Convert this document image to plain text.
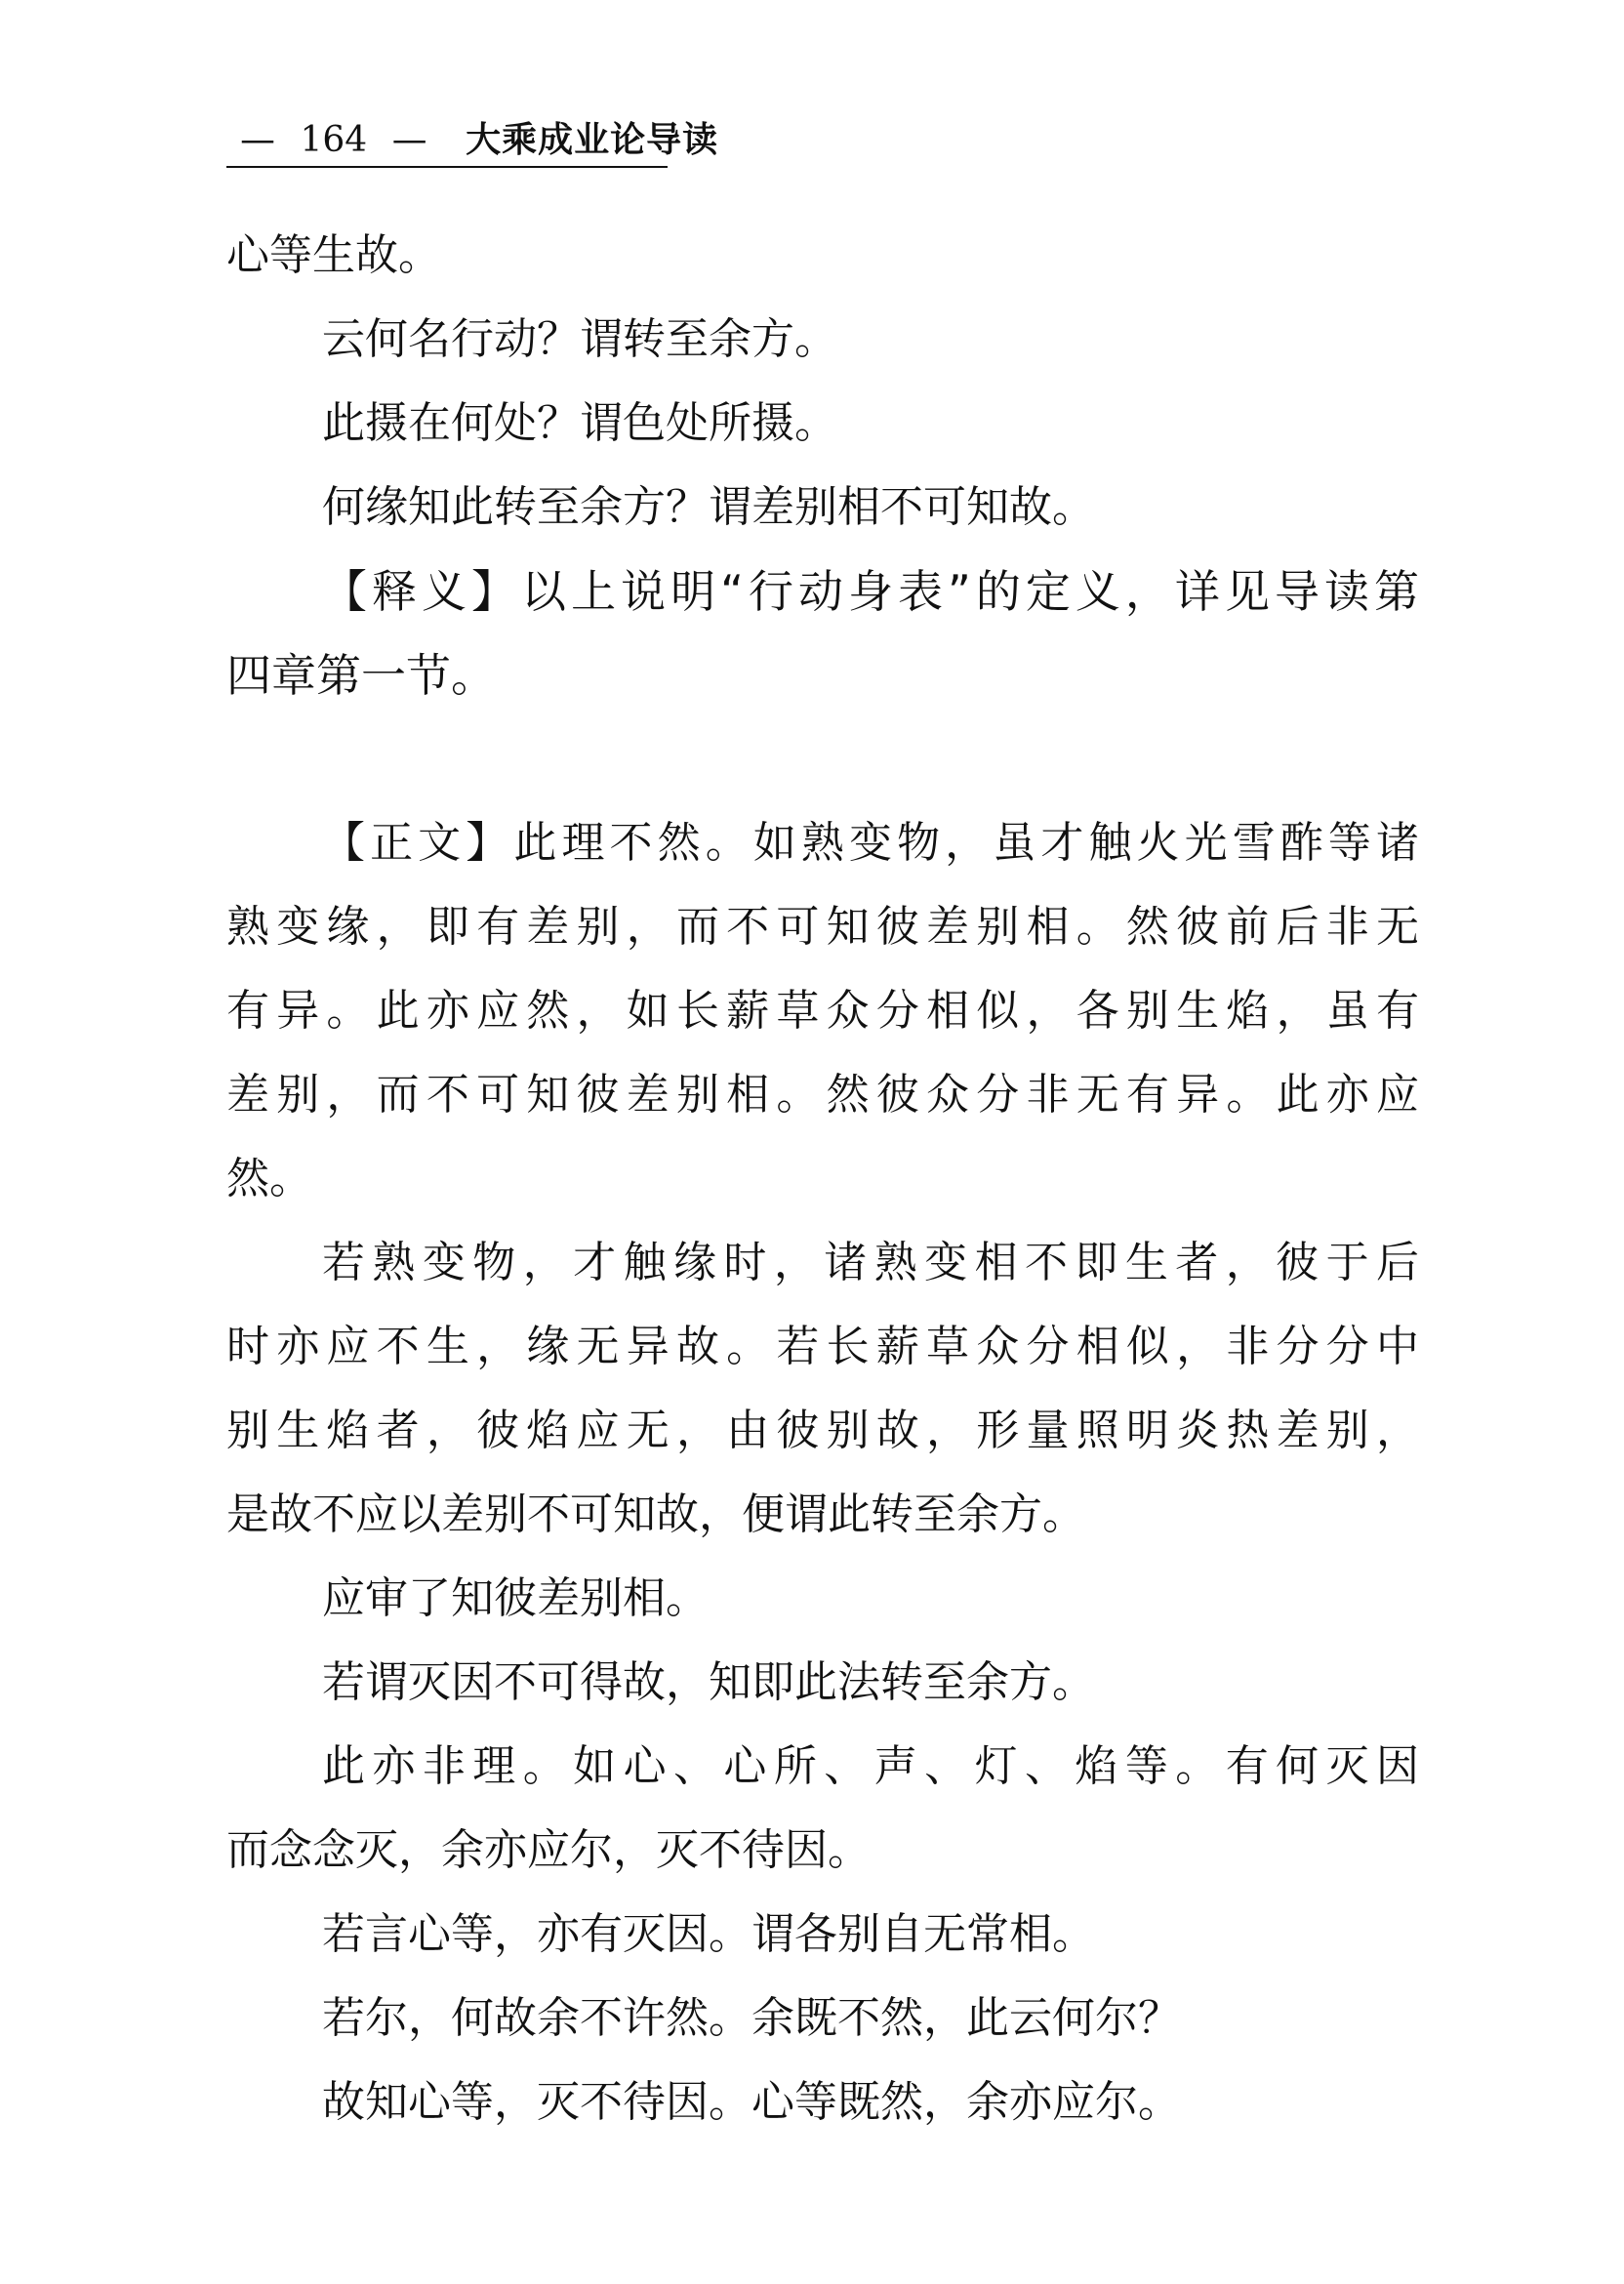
— 164 — 大乘成业论导读
心等生故。
云何名行动？谓转至余方。
此摄在何处？谓色处所摄。
何缘知此转至余方？谓差别相不可知故。
【释义】以上说明“行动身表”的定义，详见导读第
四章第一节。
【正文】此理不然。如熟变物，虽才触火光雪酢等诸
熟变缘，即有差别，而不可知彼差别相。然彼前后非无
有异。此亦应然，如长薪草众分相似，各别生焰，虽有
差别，而不可知彼差别相。然彼众分非无有异。此亦应
然。
若熟变物，才触缘时，诸熟变相不即生者，彼于后
时亦应不生，缘无异故。若长薪草众分相似，非分分中
别生焰者，彼焰应无，由彼别故，形量照明炎热差别，
是故不应以差别不可知故，便谓此转至余方。
应审了知彼差别相。
若谓灭因不可得故，知即此法转至余方。
此亦非理。如心、心所、声、灯、焰等。有何灭因
而念念灭，余亦应尔，灭不待因。
若言心等，亦有灭因。谓各别自无常相。
若尔，何故余不许然。余既不然，此云何尔？
故知心等，灭不待因。心等既然，余亦应尔。
